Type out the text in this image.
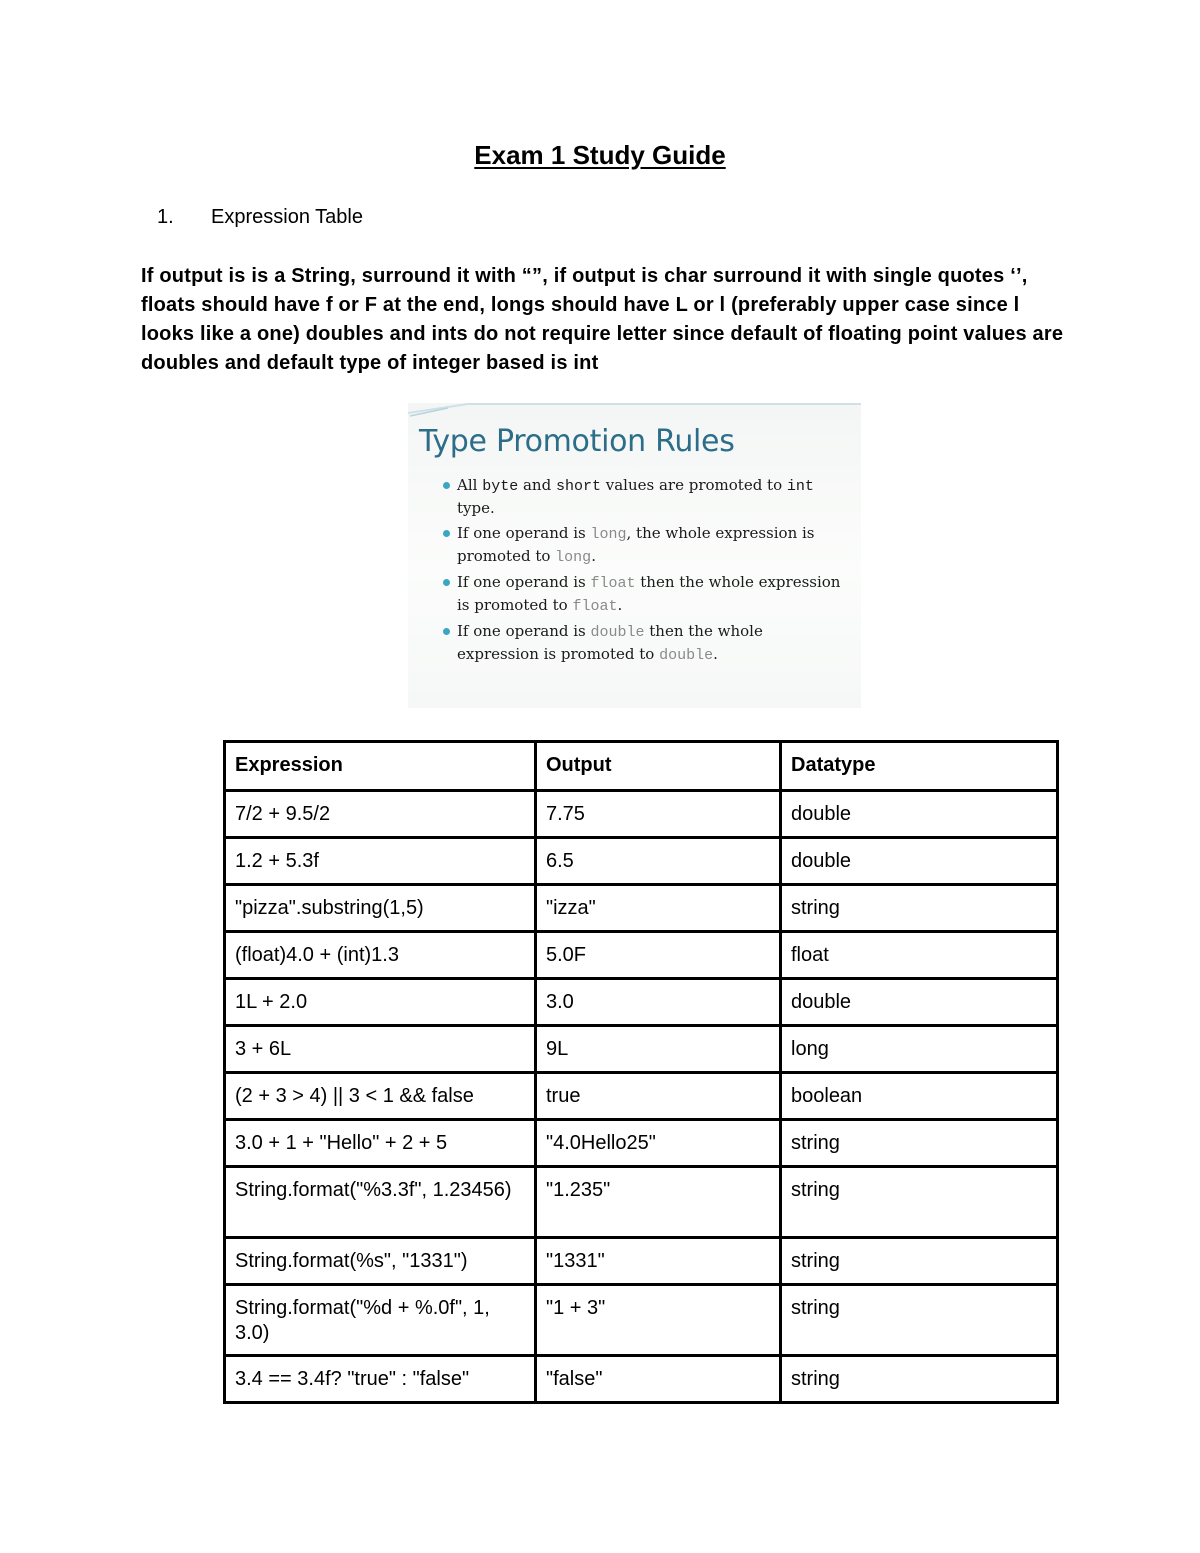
Exam 1 Study Guide
1.	Expression Table
If output is is a String, surround it with “”, if output is char surround it with single quotes ‘’, floats should have f or F at the end, longs should have L or l (preferably upper case since l looks like a one) doubles and ints do not require letter since default of floating point values are doubles and default type of integer based is int
Type Promotion Rules
All byte and short values are promoted to int type.
If one operand is long, the whole expression is promoted to long.
If one operand is float then the whole expression is promoted to float.
If one operand is double then the whole expression is promoted to double.
Expression	Output	Datatype
7/2 + 9.5/2	7.75	double
1.2 + 5.3f	6.5	double
"pizza".substring(1,5)	"izza"	string
(float)4.0 + (int)1.3	5.0F	float
1L + 2.0	3.0	double
3 + 6L	9L	long
(2 + 3 > 4) || 3 < 1 && false	true	boolean
3.0 + 1 + "Hello" + 2 + 5	"4.0Hello25"	string
String.format("%3.3f", 1.23456)	"1.235"	string
String.format(%s", "1331")	"1331"	string
String.format("%d + %.0f", 1, 3.0)	"1 + 3"	string
3.4 == 3.4f? "true" : "false"	"false"	string
